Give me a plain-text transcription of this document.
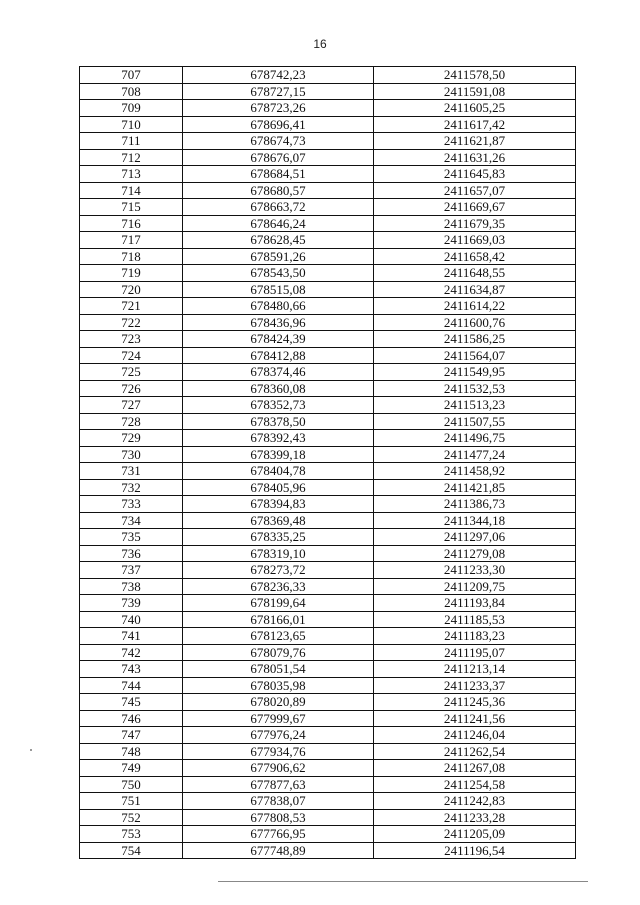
16
707	678742,23	2411578,50
708	678727,15	2411591,08
709	678723,26	2411605,25
710	678696,41	2411617,42
711	678674,73	2411621,87
712	678676,07	2411631,26
713	678684,51	2411645,83
714	678680,57	2411657,07
715	678663,72	2411669,67
716	678646,24	2411679,35
717	678628,45	2411669,03
718	678591,26	2411658,42
719	678543,50	2411648,55
720	678515,08	2411634,87
721	678480,66	2411614,22
722	678436,96	2411600,76
723	678424,39	2411586,25
724	678412,88	2411564,07
725	678374,46	2411549,95
726	678360,08	2411532,53
727	678352,73	2411513,23
728	678378,50	2411507,55
729	678392,43	2411496,75
730	678399,18	2411477,24
731	678404,78	2411458,92
732	678405,96	2411421,85
733	678394,83	2411386,73
734	678369,48	2411344,18
735	678335,25	2411297,06
736	678319,10	2411279,08
737	678273,72	2411233,30
738	678236,33	2411209,75
739	678199,64	2411193,84
740	678166,01	2411185,53
741	678123,65	2411183,23
742	678079,76	2411195,07
743	678051,54	2411213,14
744	678035,98	2411233,37
745	678020,89	2411245,36
746	677999,67	2411241,56
747	677976,24	2411246,04
748	677934,76	2411262,54
749	677906,62	2411267,08
750	677877,63	2411254,58
751	677838,07	2411242,83
752	677808,53	2411233,28
753	677766,95	2411205,09
754	677748,89	2411196,54
